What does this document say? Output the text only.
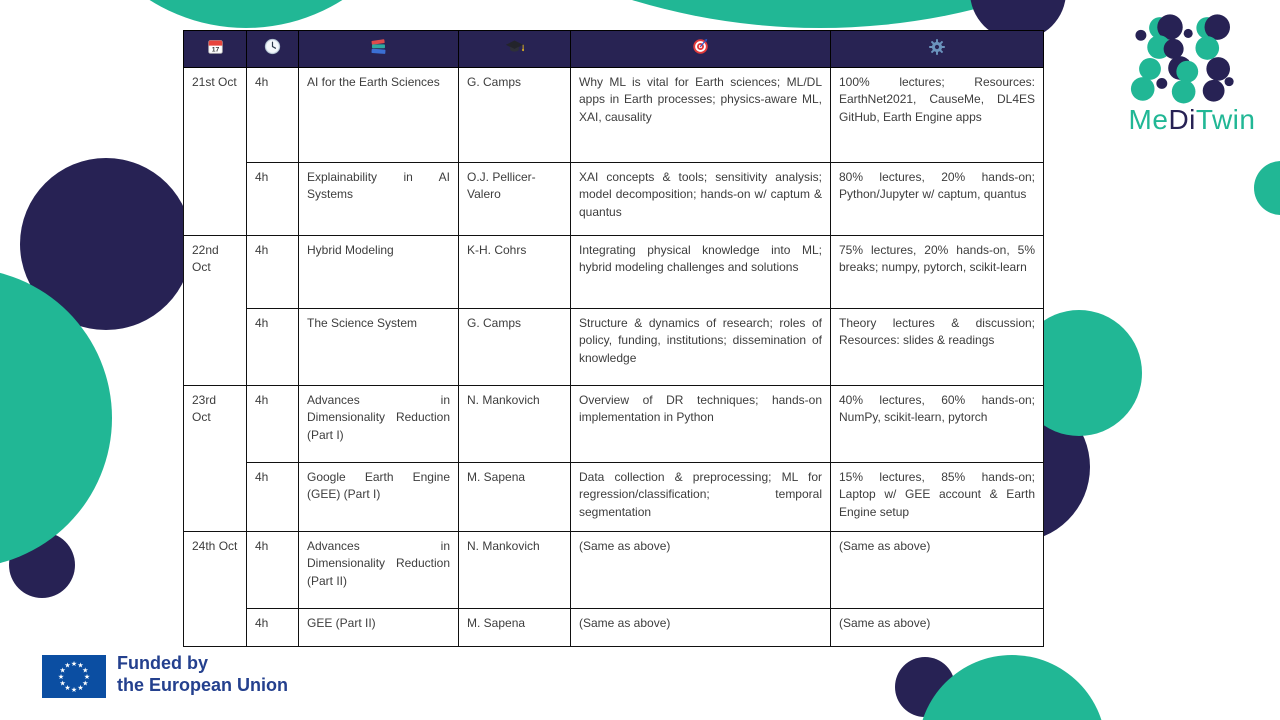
17

21st Oct	4h	AI for the Earth Sciences	G. Camps	Why ML is vital for Earth sciences; ML/DL apps in Earth processes; physics-aware ML, XAI, causality	100% lectures; Resources: EarthNet2021, CauseMe, DL4ES GitHub, Earth Engine apps
	4h	Explainability in AI Systems	O.J. Pellicer-Valero	XAI concepts & tools; sensitivity analysis; model decomposition; hands-on w/ captum & quantus	80% lectures, 20% hands-on; Python/Jupyter w/ captum, quantus
22nd Oct	4h	Hybrid Modeling	K-H. Cohrs	Integrating physical knowledge into ML; hybrid modeling challenges and solutions	75% lectures, 20% hands-on, 5% breaks; numpy, pytorch, scikit-learn
	4h	The Science System	G. Camps	Structure & dynamics of research; roles of policy, funding, institutions; dissemination of knowledge	Theory lectures & discussion; Resources: slides & readings
23rd Oct	4h	Advances in Dimensionality Reduction (Part I)	N. Mankovich	Overview of DR techniques; hands-on implementation in Python	40% lectures, 60% hands-on; NumPy, scikit-learn, pytorch
	4h	Google Earth Engine (GEE) (Part I)	M. Sapena	Data collection & preprocessing; ML for regression/classification; temporal segmentation	15% lectures, 85% hands-on; Laptop w/ GEE account & Earth Engine setup
24th Oct	4h	Advances in Dimensionality Reduction (Part II)	N. Mankovich	(Same as above)	(Same as above)
	4h	GEE (Part II)	M. Sapena	(Same as above)	(Same as above)
MeDiTwin
★ ★
★
★
★
★
★
★
★
★
★
★	Funded by
the European Union
